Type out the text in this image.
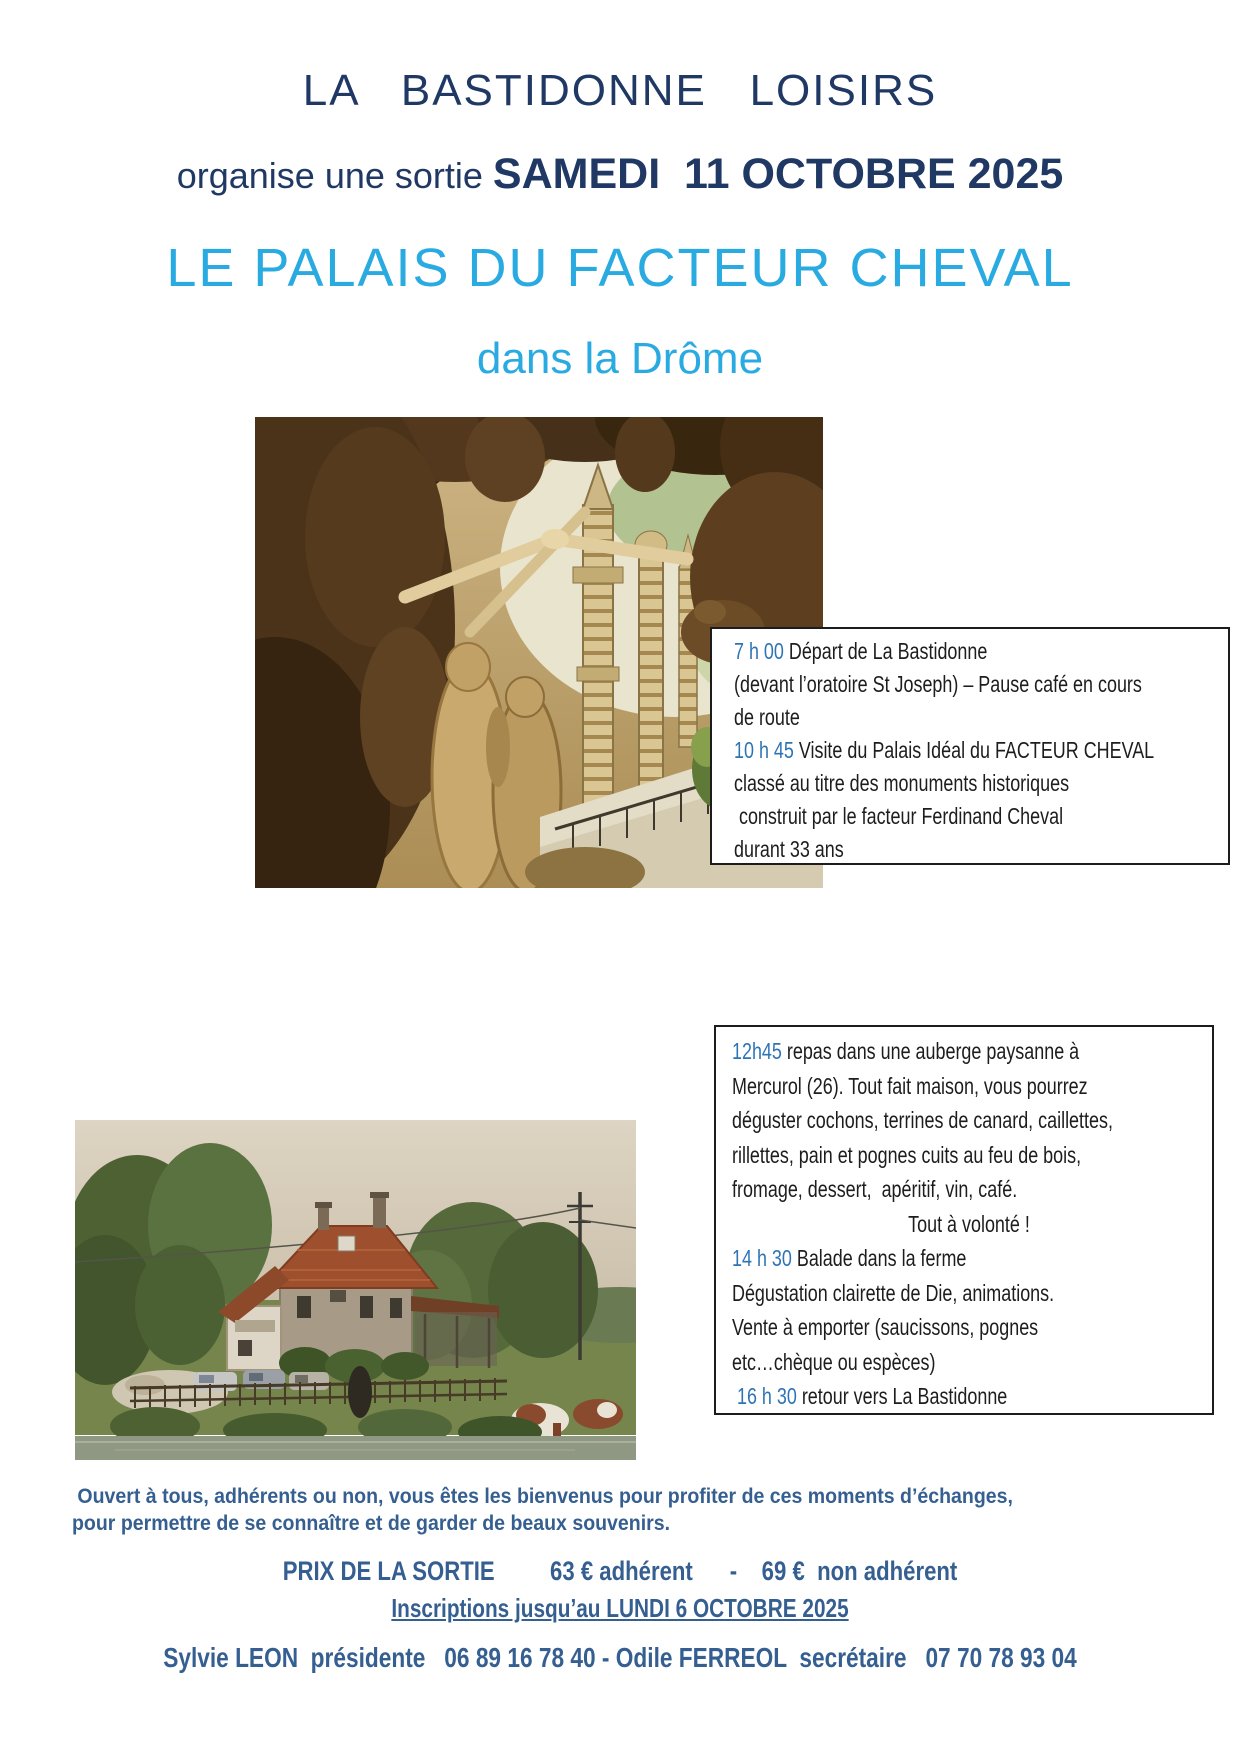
LA   BASTIDONNE   LOISIRS
organise une sortie SAMEDI  11 OCTOBRE 2025
LE PALAIS DU FACTEUR CHEVAL
dans la Drôme
7 h 00 Départ de La Bastidonne
(devant l’oratoire St Joseph) – Pause café en cours
de route
10 h 45 Visite du Palais Idéal du FACTEUR CHEVAL
classé au titre des monuments historiques
construit par le facteur Ferdinand Cheval
durant 33 ans
12h45 repas dans une auberge paysanne à
Mercurol (26). Tout fait maison, vous pourrez
déguster cochons, terrines de canard, caillettes,
rillettes, pain et pognes cuits au feu de bois,
fromage, dessert,  apéritif, vin, café.
Tout à volonté !
14 h 30 Balade dans la ferme
Dégustation clairette de Die, animations.
Vente à emporter (saucissons, pognes
etc…chèque ou espèces)
16 h 30 retour vers La Bastidonne
Ouvert à tous, adhérents ou non, vous êtes les bienvenus pour profiter de ces moments d’échanges,
pour permettre de se connaître et de garder de beaux souvenirs.
PRIX DE LA SORTIE         63 € adhérent      -    69 €  non adhérent
Inscriptions jusqu’au LUNDI 6 OCTOBRE 2025
Sylvie LEON  présidente   06 89 16 78 40 - Odile FERREOL  secrétaire   07 70 78 93 04
